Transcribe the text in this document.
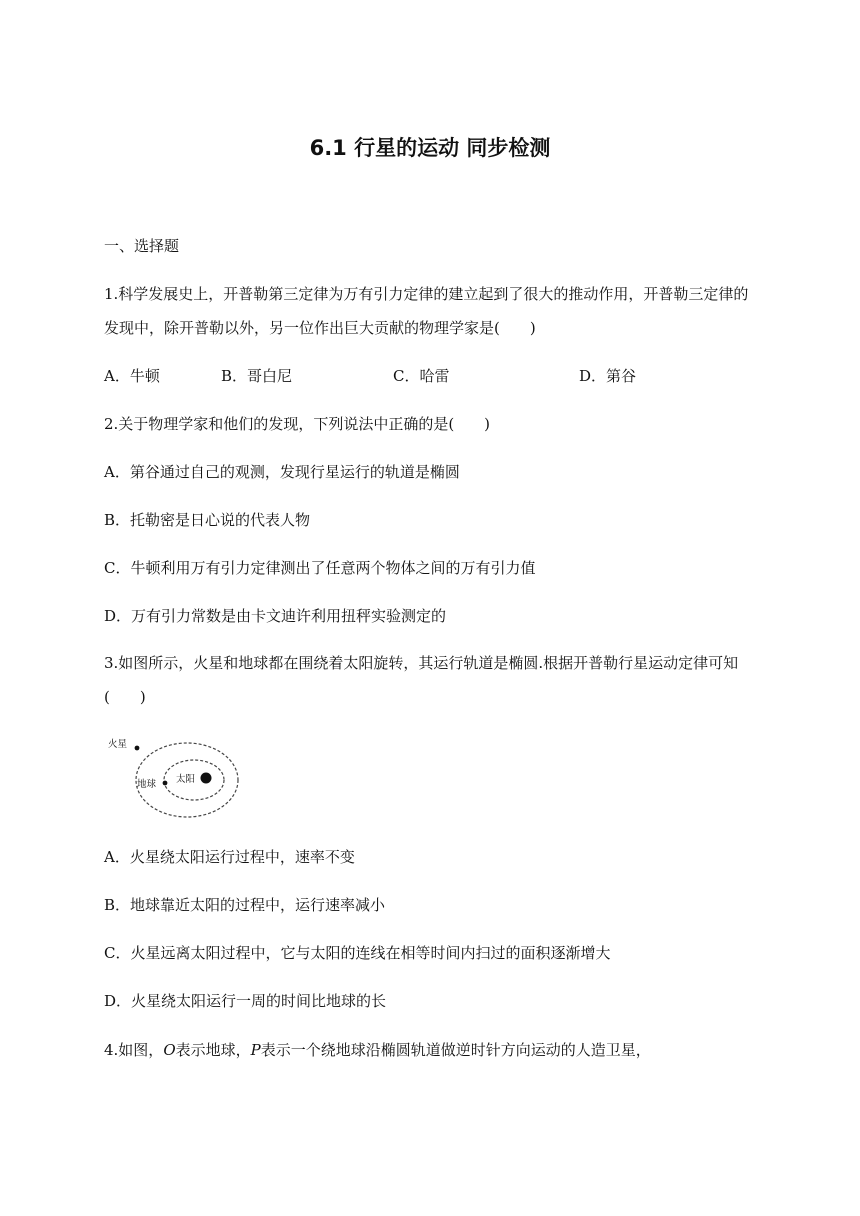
6.1 行星的运动 同步检测
一、选择题
1.科学发展史上，开普勒第三定律为万有引力定律的建立起到了很大的推动作用，开普勒三定律的发现中，除开普勒以外，另一位作出巨大贡献的物理学家是(　　)
A．牛顿	B．哥白尼	C．哈雷	D．第谷
2.关于物理学家和他们的发现，下列说法中正确的是(　　)
A．第谷通过自己的观测，发现行星运行的轨道是椭圆
B．托勒密是日心说的代表人物
C．牛顿利用万有引力定律测出了任意两个物体之间的万有引力值
D．万有引力常数是由卡文迪许利用扭秤实验测定的
3.如图所示，火星和地球都在围绕着太阳旋转，其运行轨道是椭圆.根据开普勒行星运动定律可知(　　)
火星
地球 太阳
A．火星绕太阳运行过程中，速率不变
B．地球靠近太阳的过程中，运行速率减小
C．火星远离太阳过程中，它与太阳的连线在相等时间内扫过的面积逐渐增大
D．火星绕太阳运行一周的时间比地球的长
4.如图，O表示地球，P表示一个绕地球沿椭圆轨道做逆时针方向运动的人造卫星，
